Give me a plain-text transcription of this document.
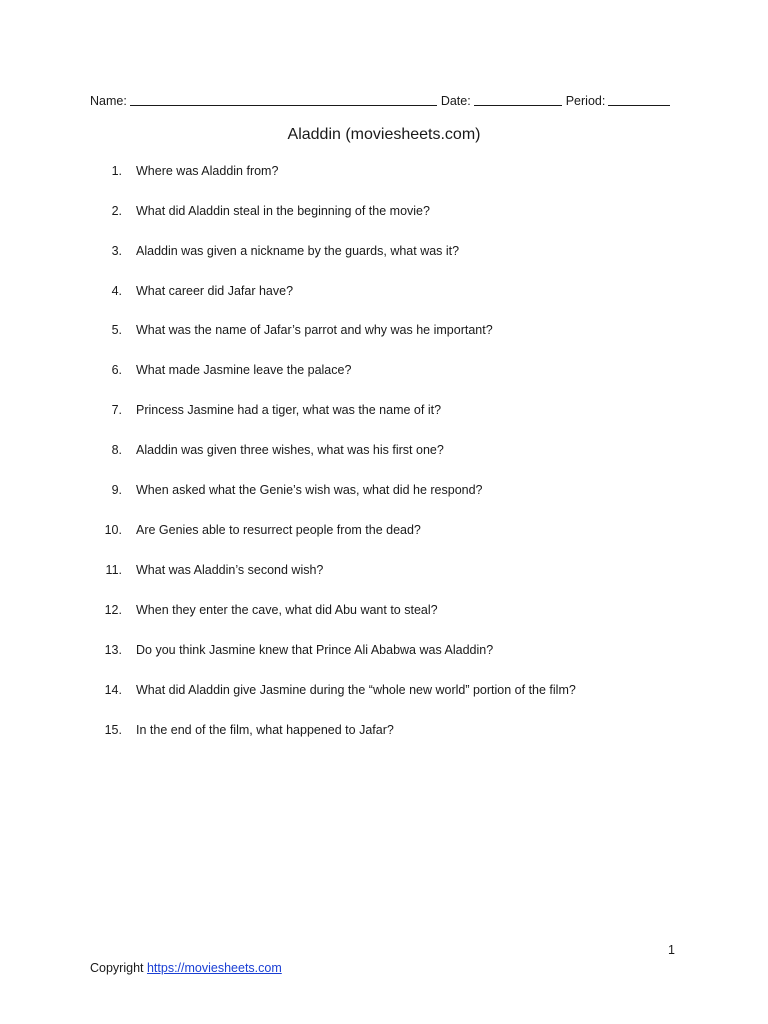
Name:	Date:	Period:
Aladdin (moviesheets.com)
1. Where was Aladdin from?
2. What did Aladdin steal in the beginning of the movie?
3. Aladdin was given a nickname by the guards, what was it?
4. What career did Jafar have?
5. What was the name of Jafar’s parrot and why was he important?
6. What made Jasmine leave the palace?
7. Princess Jasmine had a tiger, what was the name of it?
8. Aladdin was given three wishes, what was his first one?
9. When asked what the Genie’s wish was, what did he respond?
10. Are Genies able to resurrect people from the dead?
11. What was Aladdin’s second wish?
12. When they enter the cave, what did Abu want to steal?
13. Do you think Jasmine knew that Prince Ali Ababwa was Aladdin?
14. What did Aladdin give Jasmine during the “whole new world” portion of the film?
15. In the end of the film, what happened to Jafar?
1
Copyright https://moviesheets.com
